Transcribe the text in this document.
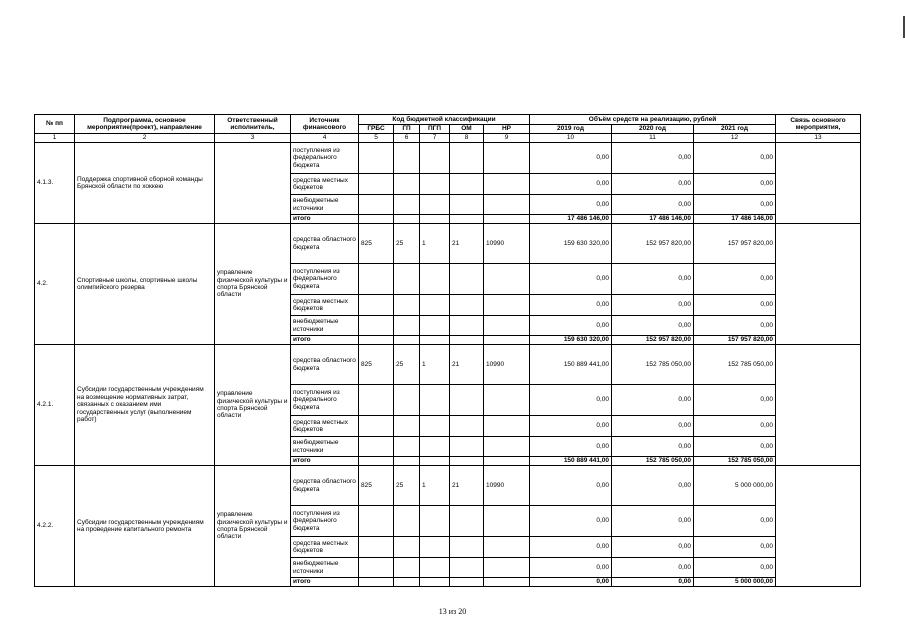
№ пп	Подпрограмма, основное мероприятие(проект), направление	Ответственный исполнитель,	Источник финансового	Код бюджетной классификации					Объём средств на реализацию, рублей			Связь основного мероприятия,
				ГРБС	ГП	ПГП	ОМ	НР	2019 год	2020 год	2021 год	
1	2	3	4	5	6	7	8	9	10	11	12	13
4.1.3.	Поддержка спортивной сборной команды Брянской области по хоккею		поступления из федерального бюджета						0,00	0,00	0,00	
			средства местных бюджетов						0,00	0,00	0,00	
			внебюджетные источники						0,00	0,00	0,00	
			итого						17 486 146,00	17 486 146,00	17 486 146,00	
4.2.	Спортивные школы, спортивные школы олимпийского резерва	управление физической культуры и спорта Брянской области	средства областного бюджета	825	25	1	21	10990	159 630 320,00	152 957 820,00	157 957 820,00	
			поступления из федерального бюджета						0,00	0,00	0,00	
			средства местных бюджетов						0,00	0,00	0,00	
			внебюджетные источники						0,00	0,00	0,00	
			итого						159 630 320,00	152 957 820,00	157 957 820,00	
4.2.1.	Субсидии государственным учреждениям на возмещение нормативных затрат, связанных с оказанием ими государственных услуг (выполнением работ)	управление физической культуры и спорта Брянской области	средства областного бюджета	825	25	1	21	10990	150 889 441,00	152 785 050,00	152 785 050,00	
			поступления из федерального бюджета						0,00	0,00	0,00	
			средства местных бюджетов						0,00	0,00	0,00	
			внебюджетные источники						0,00	0,00	0,00	
			итого						150 889 441,00	152 785 050,00	152 785 050,00	
4.2.2.	Субсидии государственным учреждениям на проведение капитального ремонта	управление физической культуры и спорта Брянской области	средства областного бюджета	825	25	1	21	10990	0,00	0,00	5 000 000,00	
			поступления из федерального бюджета						0,00	0,00	0,00	
			средства местных бюджетов						0,00	0,00	0,00	
			внебюджетные источники						0,00	0,00	0,00	
			итого						0,00	0,00	5 000 000,00	
13 из 20
